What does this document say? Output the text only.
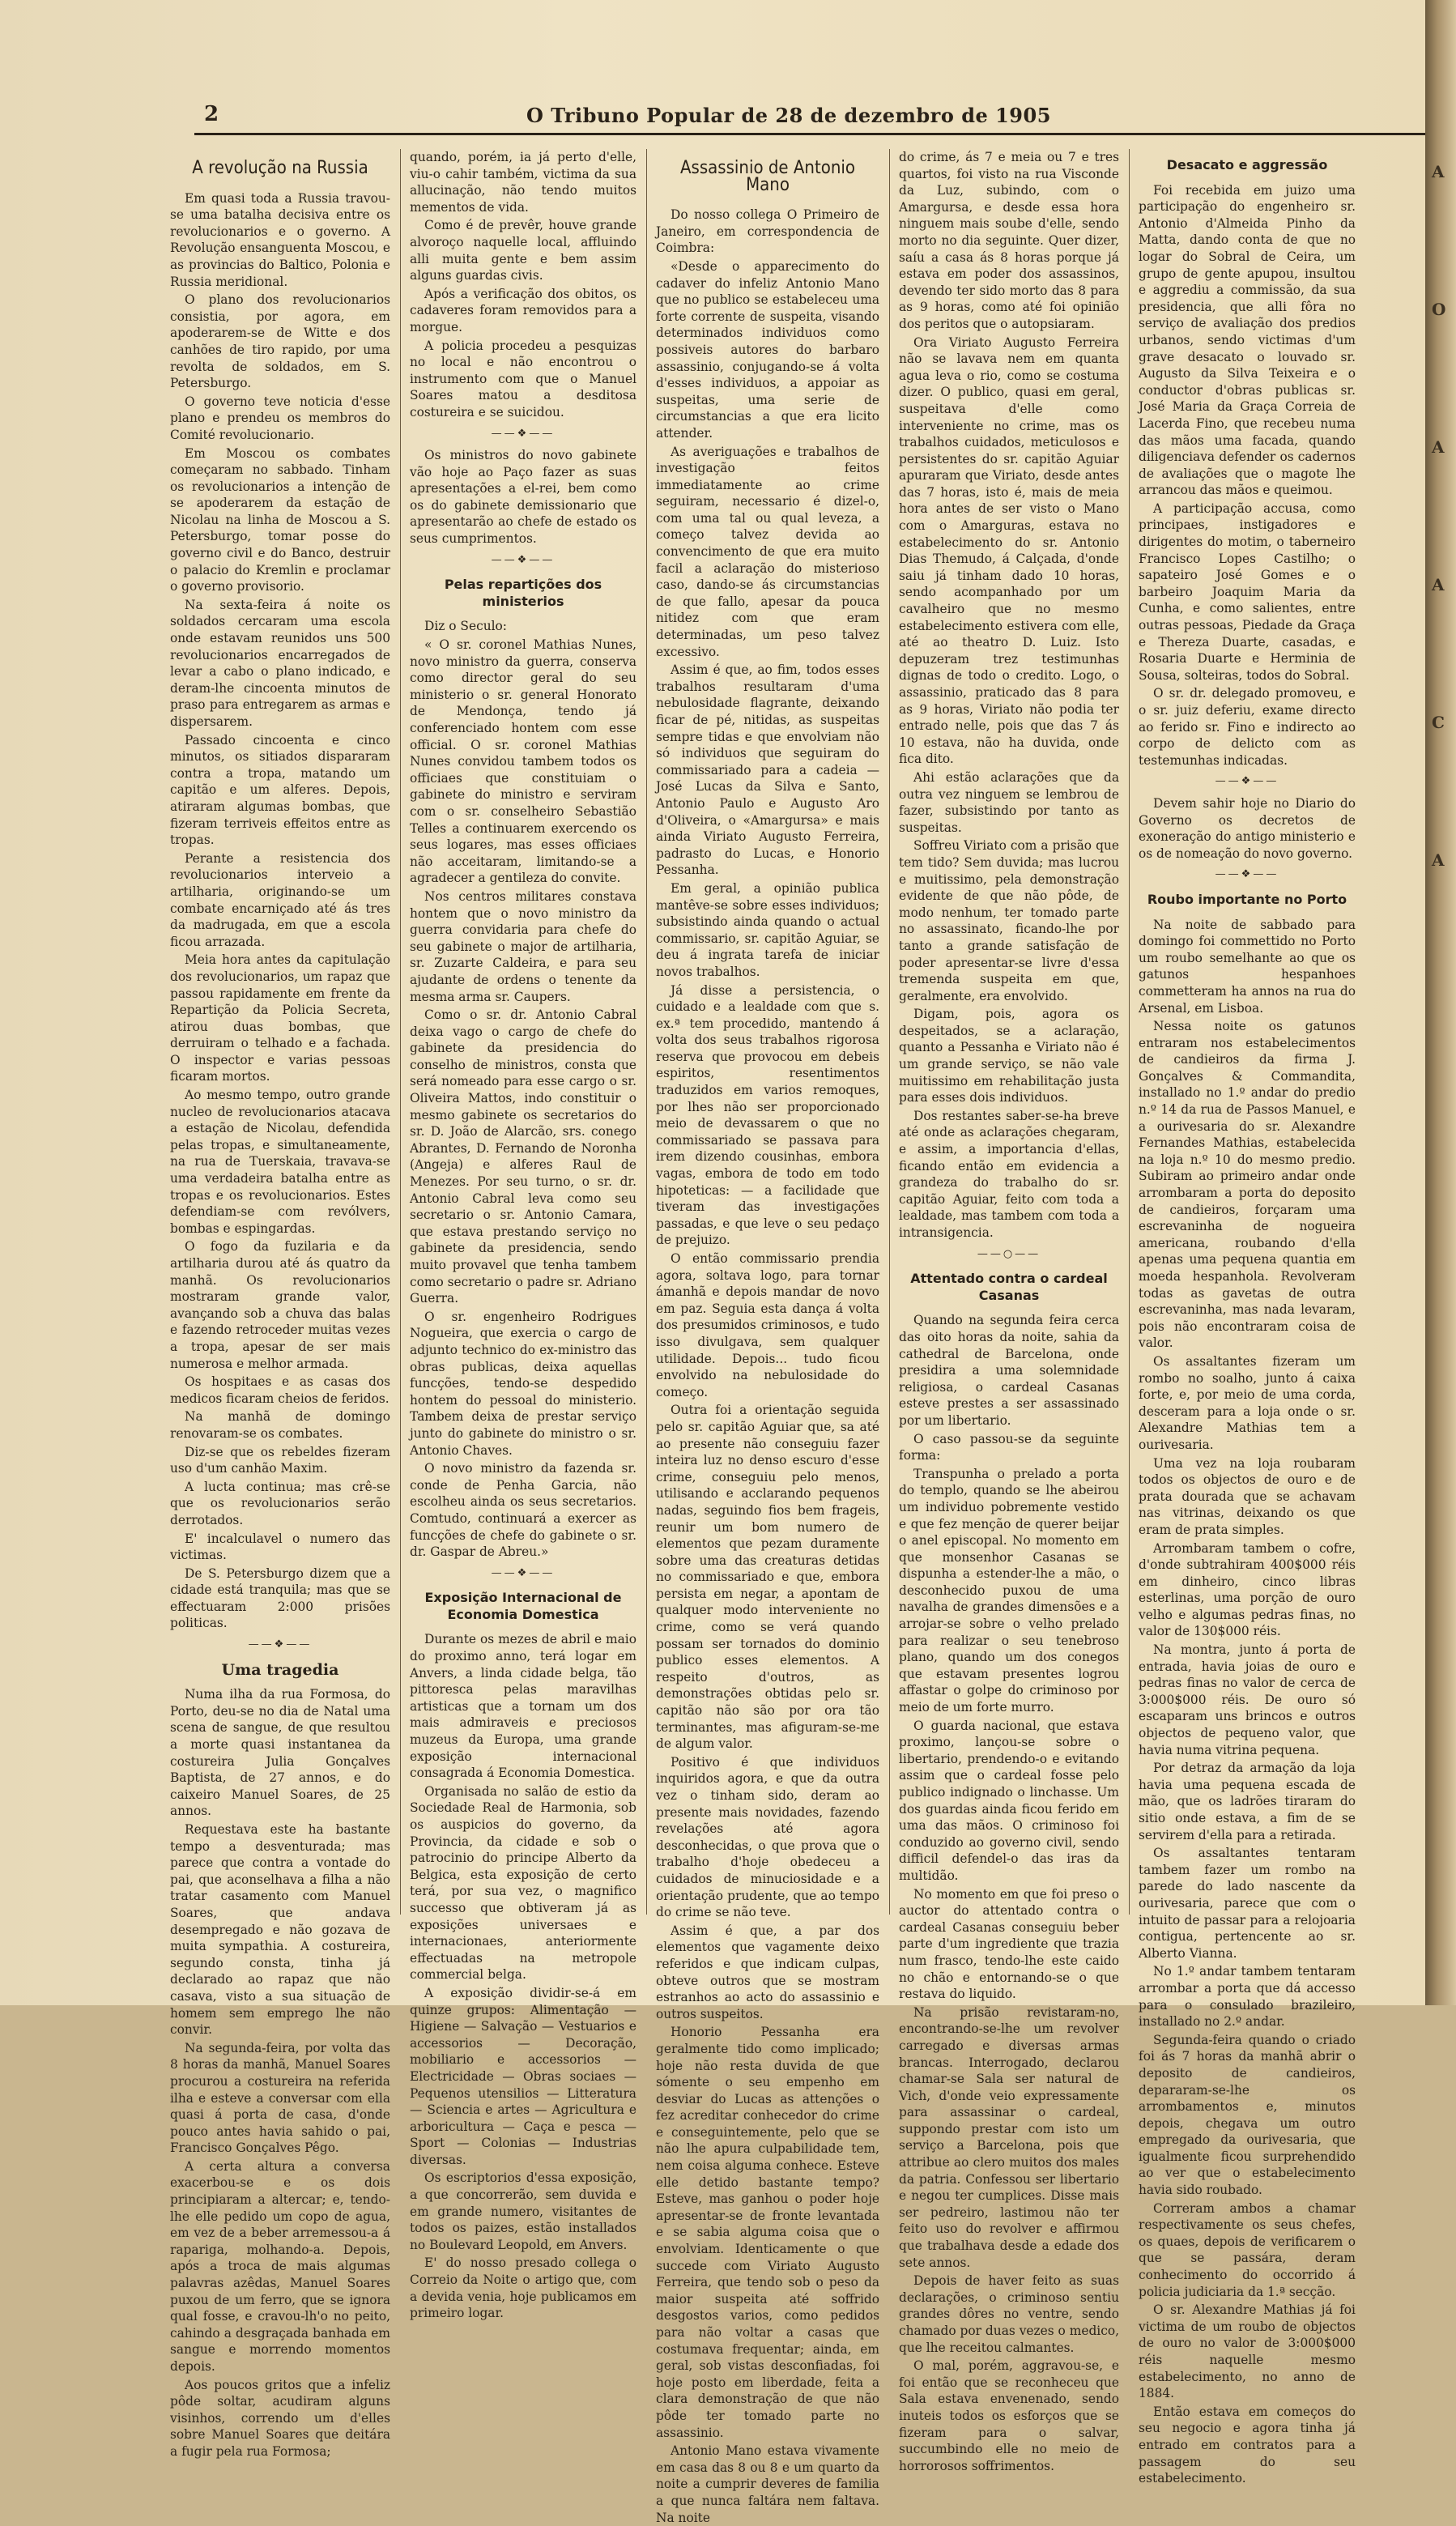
2	O Tribuno Popular de 28 de dezembro de 1905
A revolução na Russia

Em quasi toda a Russia travou-se uma batalha decisiva entre os revolucionarios e o governo. A Revolução ensanguenta Moscou, e as provincias do Baltico, Polonia e Russia meridional.

O plano dos revolucionarios consistia, por agora, em apoderarem-se de Witte e dos canhões de tiro rapido, por uma revolta de soldados, em S. Petersburgo.

O governo teve noticia d'esse plano e prendeu os membros do Comité revolucionario.

Em Moscou os combates começaram no sabbado. Tinham os revolucionarios a intenção de se apoderarem da estação de Nicolau na linha de Moscou a S. Petersburgo, tomar posse do governo civil e do Banco, destruir o palacio do Kremlin e proclamar o governo provisorio.

Na sexta-feira á noite os soldados cercaram uma escola onde estavam reunidos uns 500 revolucionarios encarregados de levar a cabo o plano indicado, e deram-lhe cincoenta minutos de praso para entregarem as armas e dispersarem.

Passado cincoenta e cinco minutos, os sitiados dispararam contra a tropa, matando um capitão e um alferes. Depois, atiraram algumas bombas, que fizeram terriveis effeitos entre as tropas.

Perante a resistencia dos revolucionarios interveio a artilharia, originando-se um combate encarniçado até ás tres da madrugada, em que a escola ficou arrazada.

Meia hora antes da capitulação dos revolucionarios, um rapaz que passou rapidamente em frente da Repartição da Policia Secreta, atirou duas bombas, que derruiram o telhado e a fachada. O inspector e varias pessoas ficaram mortos.

Ao mesmo tempo, outro grande nucleo de revolucionarios atacava a estação de Nicolau, defendida pelas tropas, e simultaneamente, na rua de Tuerskaia, travava-se uma verdadeira batalha entre as tropas e os revolucionarios. Estes defendiam-se com revólvers, bombas e espingardas.

O fogo da fuzilaria e da artilharia durou até ás quatro da manhã. Os revolucionarios mostraram grande valor, avançando sob a chuva das balas e fazendo retroceder muitas vezes a tropa, apesar de ser mais numerosa e melhor armada.

Os hospitaes e as casas dos medicos ficaram cheios de feridos.

Na manhã de domingo renovaram-se os combates.

Diz-se que os rebeldes fizeram uso d'um canhão Maxim.

A lucta continua; mas crê-se que os revolucionarios serão derrotados.

E' incalculavel o numero das victimas.

De S. Petersburgo dizem que a cidade está tranquila; mas que se effectuaram 2:000 prisões politicas.

——❖——
Uma tragedia

Numa ilha da rua Formosa, do Porto, deu-se no dia de Natal uma scena de sangue, de que resultou a morte quasi instantanea da costureira Julia Gonçalves Baptista, de 27 annos, e do caixeiro Manuel Soares, de 25 annos.

Requestava este ha bastante tempo a desventurada; mas parece que contra a vontade do pai, que aconselhava a filha a não tratar casamento com Manuel Soares, que andava desempregado e não gozava de muita sympathia. A costureira, segundo consta, tinha já declarado ao rapaz que não casava, visto a sua situação de homem sem emprego lhe não convir.

Na segunda-feira, por volta das 8 horas da manhã, Manuel Soares procurou a costureira na referida ilha e esteve a conversar com ella quasi á porta de casa, d'onde pouco antes havia sahido o pai, Francisco Gonçalves Pêgo.

A certa altura a conversa exacerbou-se e os dois principiaram a altercar; e, tendo-lhe elle pedido um copo de agua, em vez de a beber arremessou-a á rapariga, molhando-a. Depois, após a troca de mais algumas palavras azêdas, Manuel Soares puxou de um ferro, que se ignora qual fosse, e cravou-lh'o no peito, cahindo a desgraçada banhada em sangue e morrendo momentos depois.

Aos poucos gritos que a infeliz pôde soltar, acudiram alguns visinhos, correndo um d'elles sobre Manuel Soares que deitára a fugir pela rua Formosa;

quando, porém, ia já perto d'elle, viu-o cahir também, victima da sua allucinação, não tendo muitos mementos de vida.

Como é de prevêr, houve grande alvoroço naquelle local, affluindo alli muita gente e bem assim alguns guardas civis.

Após a verificação dos obitos, os cadaveres foram removidos para a morgue.

A policia procedeu a pesquizas no local e não encontrou o instrumento com que o Manuel Soares matou a desditosa costureira e se suicidou.

——❖——

Os ministros do novo gabinete vão hoje ao Paço fazer as suas apresentações a el-rei, bem como os do gabinete demissionario que apresentarão ao chefe de estado os seus cumprimentos.

——❖——
Pelas repartições dos ministerios

Diz o Seculo:

« O sr. coronel Mathias Nunes, novo ministro da guerra, conserva como director geral do seu ministerio o sr. general Honorato de Mendonça, tendo já conferenciado hontem com esse official. O sr. coronel Mathias Nunes convidou tambem todos os officiaes que constituiam o gabinete do ministro e serviram com o sr. conselheiro Sebastião Telles a continuarem exercendo os seus logares, mas esses officiaes não acceitaram, limitando-se a agradecer a gentileza do convite.

Nos centros militares constava hontem que o novo ministro da guerra convidaria para chefe do seu gabinete o major de artilharia, sr. Zuzarte Caldeira, e para seu ajudante de ordens o tenente da mesma arma sr. Caupers.

Como o sr. dr. Antonio Cabral deixa vago o cargo de chefe do gabinete da presidencia do conselho de ministros, consta que será nomeado para esse cargo o sr. Oliveira Mattos, indo constituir o mesmo gabinete os secretarios do sr. D. João de Alarcão, srs. conego Abrantes, D. Fernando de Noronha (Angeja) e alferes Raul de Menezes. Por seu turno, o sr. dr. Antonio Cabral leva como seu secretario o sr. Antonio Camara, que estava prestando serviço no gabinete da presidencia, sendo muito provavel que tenha tambem como secretario o padre sr. Adriano Guerra.

O sr. engenheiro Rodrigues Nogueira, que exercia o cargo de adjunto technico do ex-ministro das obras publicas, deixa aquellas funcções, tendo-se despedido hontem do pessoal do ministerio. Tambem deixa de prestar serviço junto do gabinete do ministro o sr. Antonio Chaves.

O novo ministro da fazenda sr. conde de Penha Garcia, não escolheu ainda os seus secretarios. Comtudo, continuará a exercer as funcções de chefe do gabinete o sr. dr. Gaspar de Abreu.»

——❖——
Exposição Internacional de Economia Domestica

Durante os mezes de abril e maio do proximo anno, terá logar em Anvers, a linda cidade belga, tão pittoresca pelas maravilhas artisticas que a tornam um dos mais admiraveis e preciosos muzeus da Europa, uma grande exposição internacional consagrada á Economia Domestica.

Organisada no salão de estio da Sociedade Real de Harmonia, sob os auspicios do governo, da Provincia, da cidade e sob o patrocinio do principe Alberto da Belgica, esta exposição de certo terá, por sua vez, o magnifico successo que obtiveram já as exposições universaes e internacionaes, anteriormente effectuadas na metropole commercial belga.

A exposição dividir-se-á em quinze grupos: Alimentação — Higiene — Salvação — Vestuarios e accessorios — Decoração, mobiliario e accessorios — Electricidade — Obras sociaes — Pequenos utensilios — Litteratura — Sciencia e artes — Agricultura e arboricultura — Caça e pesca — Sport — Colonias — Industrias diversas.

Os escriptorios d'essa exposição, a que concorrerão, sem duvida e em grande numero, visitantes de todos os paizes, estão installados no Boulevard Leopold, em Anvers.

E' do nosso presado collega o Correio da Noite o artigo que, com a devida venia, hoje publicamos em primeiro logar.

Assassinio de Antonio Mano

Do nosso collega O Primeiro de Janeiro, em correspondencia de Coimbra:

«Desde o apparecimento do cadaver do infeliz Antonio Mano que no publico se estabeleceu uma forte corrente de suspeita, visando determinados individuos como possiveis autores do barbaro assassinio, conjugando-se á volta d'esses individuos, a appoiar as suspeitas, uma serie de circumstancias a que era licito attender.

As averiguações e trabalhos de investigação feitos immediatamente ao crime seguiram, necessario é dizel-o, com uma tal ou qual leveza, a começo talvez devida ao convencimento de que era muito facil a aclaração do misterioso caso, dando-se ás circumstancias de que fallo, apesar da pouca nitidez com que eram determinadas, um peso talvez excessivo.

Assim é que, ao fim, todos esses trabalhos resultaram d'uma nebulosidade flagrante, deixando ficar de pé, nitidas, as suspeitas sempre tidas e que envolviam não só individuos que seguiram do commissariado para a cadeia — José Lucas da Silva e Santo, Antonio Paulo e Augusto Aro d'Oliveira, o «Amargursa» e mais ainda Viriato Augusto Ferreira, padrasto do Lucas, e Honorio Pessanha.

Em geral, a opinião publica mantêve-se sobre esses individuos; subsistindo ainda quando o actual commissario, sr. capitão Aguiar, se deu á ingrata tarefa de iniciar novos trabalhos.

Já disse a persistencia, o cuidado e a lealdade com que s. ex.ª tem procedido, mantendo á volta dos seus trabalhos rigorosa reserva que provocou em debeis espiritos, resentimentos traduzidos em varios remoques, por lhes não ser proporcionado meio de devassarem o que no commissariado se passava para irem dizendo cousinhas, embora vagas, embora de todo em todo hipoteticas: — a facilidade que tiveram das investigações passadas, e que leve o seu pedaço de prejuizo.

O então commissario prendia agora, soltava logo, para tornar ámanhã e depois mandar de novo em paz. Seguia esta dança á volta dos presumidos criminosos, e tudo isso divulgava, sem qualquer utilidade. Depois... tudo ficou envolvido na nebulosidade do começo.

Outra foi a orientação seguida pelo sr. capitão Aguiar que, sa até ao presente não conseguiu fazer inteira luz no denso escuro d'esse crime, conseguiu pelo menos, utilisando e acclarando pequenos nadas, seguindo fios bem frageis, reunir um bom numero de elementos que pezam duramente sobre uma das creaturas detidas no commissariado e que, embora persista em negar, a apontam de qualquer modo interveniente no crime, como se verá quando possam ser tornados do dominio publico esses elementos. A respeito d'outros, as demonstrações obtidas pelo sr. capitão não são por ora tão terminantes, mas afiguram-se-me de algum valor.

Positivo é que individuos inquiridos agora, e que da outra vez o tinham sido, deram ao presente mais novidades, fazendo revelações até agora desconhecidas, o que prova que o trabalho d'hoje obedeceu a cuidados de minuciosidade e a orientação prudente, que ao tempo do crime se não teve.

Assim é que, a par dos elementos que vagamente deixo referidos e que indicam culpas, obteve outros que se mostram estranhos ao acto do assassinio e outros suspeitos.

Honorio Pessanha era geralmente tido como implicado; hoje não resta duvida de que sómente o seu empenho em desviar do Lucas as attenções o fez acreditar conhecedor do crime e conseguintemente, pelo que se não lhe apura culpabilidade tem, nem coisa alguma conhece. Esteve elle detido bastante tempo? Esteve, mas ganhou o poder hoje apresentar-se de fronte levantada e se sabia alguma coisa que o envolviam. Identicamente o que succede com Viriato Augusto Ferreira, que tendo sob o peso da maior suspeita até soffrido desgostos varios, como pedidos para não voltar a casas que costumava frequentar; ainda, em geral, sob vistas desconfiadas, foi hoje posto em liberdade, feita a clara demonstração de que não pôde ter tomado parte no assassinio.

Antonio Mano estava vivamente em casa das 8 ou 8 e um quarto da noite a cumprir deveres de familia a que nunca faltára nem faltava. Na noite

do crime, ás 7 e meia ou 7 e tres quartos, foi visto na rua Visconde da Luz, subindo, com o Amargursa, e desde essa hora ninguem mais soube d'elle, sendo morto no dia seguinte. Quer dizer, saíu a casa ás 8 horas porque já estava em poder dos assassinos, devendo ter sido morto das 8 para as 9 horas, como até foi opinião dos peritos que o autopsiaram.

Ora Viriato Augusto Ferreira não se lavava nem em quanta agua leva o rio, como se costuma dizer. O publico, quasi em geral, suspeitava d'elle como interveniente no crime, mas os trabalhos cuidados, meticulosos e persistentes do sr. capitão Aguiar apuraram que Viriato, desde antes das 7 horas, isto é, mais de meia hora antes de ser visto o Mano com o Amarguras, estava no estabelecimento do sr. Antonio Dias Themudo, á Calçada, d'onde saiu já tinham dado 10 horas, sendo acompanhado por um cavalheiro que no mesmo estabelecimento estivera com elle, até ao theatro D. Luiz. Isto depuzeram trez testimunhas dignas de todo o credito. Logo, o assassinio, praticado das 8 para as 9 horas, Viriato não podia ter entrado nelle, pois que das 7 ás 10 estava, não ha duvida, onde fica dito.

Ahi estão aclarações que da outra vez ninguem se lembrou de fazer, subsistindo por tanto as suspeitas.

Soffreu Viriato com a prisão que tem tido? Sem duvida; mas lucrou e muitissimo, pela demonstração evidente de que não pôde, de modo nenhum, ter tomado parte no assassinato, ficando-lhe por tanto a grande satisfação de poder apresentar-se livre d'essa tremenda suspeita em que, geralmente, era envolvido.

Digam, pois, agora os despeitados, se a aclaração, quanto a Pessanha e Viriato não é um grande serviço, se não vale muitissimo em rehabilitação justa para esses dois individuos.

Dos restantes saber-se-ha breve até onde as aclarações chegaram, e assim, a importancia d'ellas, ficando então em evidencia a grandeza do trabalho do sr. capitão Aguiar, feito com toda a lealdade, mas tambem com toda a intransigencia.

——○——
Attentado contra o cardeal Casanas

Quando na segunda feira cerca das oito horas da noite, sahia da cathedral de Barcelona, onde presidira a uma solemnidade religiosa, o cardeal Casanas esteve prestes a ser assassinado por um libertario.

O caso passou-se da seguinte forma:

Transpunha o prelado a porta do templo, quando se lhe abeirou um individuo pobremente vestido e que fez menção de querer beijar o anel episcopal. No momento em que monsenhor Casanas se dispunha a estender-lhe a mão, o desconhecido puxou de uma navalha de grandes dimensões e a arrojar-se sobre o velho prelado para realizar o seu tenebroso plano, quando um dos conegos que estavam presentes logrou affastar o golpe do criminoso por meio de um forte murro.

O guarda nacional, que estava proximo, lançou-se sobre o libertario, prendendo-o e evitando assim que o cardeal fosse pelo publico indignado o linchasse. Um dos guardas ainda ficou ferido em uma das mãos. O criminoso foi conduzido ao governo civil, sendo difficil defendel-o das iras da multidão.

No momento em que foi preso o auctor do attentado contra o cardeal Casanas conseguiu beber parte d'um ingrediente que trazia num frasco, tendo-lhe este caido no chão e entornando-se o que restava do liquido.

Na prisão revistaram-no, encontrando-se-lhe um revolver carregado e diversas armas brancas. Interrogado, declarou chamar-se Sala ser natural de Vich, d'onde veio expressamente para assassinar o cardeal, suppondo prestar com isto um serviço a Barcelona, pois que attribue ao clero muitos dos males da patria. Confessou ser libertario e negou ter cumplices. Disse mais ser pedreiro, lastimou não ter feito uso do revolver e affirmou que trabalhava desde a edade dos sete annos.

Depois de haver feito as suas declarações, o criminoso sentiu grandes dôres no ventre, sendo chamado por duas vezes o medico, que lhe receitou calmantes.

O mal, porém, aggravou-se, e foi então que se reconheceu que Sala estava envenenado, sendo inuteis todos os esforços que se fizeram para o salvar, succumbindo elle no meio de horrorosos soffrimentos.

Desacato e aggressão

Foi recebida em juizo uma participação do engenheiro sr. Antonio d'Almeida Pinho da Matta, dando conta de que no logar do Sobral de Ceira, um grupo de gente apupou, insultou e aggrediu a commissão, da sua presidencia, que alli fôra no serviço de avaliação dos predios urbanos, sendo victimas d'um grave desacato o louvado sr. Augusto da Silva Teixeira e o conductor d'obras publicas sr. José Maria da Graça Correia de Lacerda Fino, que recebeu numa das mãos uma facada, quando diligenciava defender os cadernos de avaliações que o magote lhe arrancou das mãos e queimou.

A participação accusa, como principaes, instigadores e dirigentes do motim, o taberneiro Francisco Lopes Castilho; o sapateiro José Gomes e o barbeiro Joaquim Maria da Cunha, e como salientes, entre outras pessoas, Piedade da Graça e Thereza Duarte, casadas, e Rosaria Duarte e Herminia de Sousa, solteiras, todos do Sobral.

O sr. dr. delegado promoveu, e o sr. juiz deferiu, exame directo ao ferido sr. Fino e indirecto ao corpo de delicto com as testemunhas indicadas.

——❖——

Devem sahir hoje no Diario do Governo os decretos de exoneração do antigo ministerio e os de nomeação do novo governo.

——❖——
Roubo importante no Porto

Na noite de sabbado para domingo foi commettido no Porto um roubo semelhante ao que os gatunos hespanhoes commetteram ha annos na rua do Arsenal, em Lisboa.

Nessa noite os gatunos entraram nos estabelecimentos de candieiros da firma J. Gonçalves & Commandita, installado no 1.º andar do predio n.º 14 da rua de Passos Manuel, e a ourivesaria do sr. Alexandre Fernandes Mathias, estabelecida na loja n.º 10 do mesmo predio. Subiram ao primeiro andar onde arrombaram a porta do deposito de candieiros, forçaram uma escrevaninha de nogueira americana, roubando d'ella apenas uma pequena quantia em moeda hespanhola. Revolveram todas as gavetas de outra escrevaninha, mas nada levaram, pois não encontraram coisa de valor.

Os assaltantes fizeram um rombo no soalho, junto á caixa forte, e, por meio de uma corda, desceram para a loja onde o sr. Alexandre Mathias tem a ourivesaria.

Uma vez na loja roubaram todos os objectos de ouro e de prata dourada que se achavam nas vitrinas, deixando os que eram de prata simples.

Arrombaram tambem o cofre, d'onde subtrahiram 400$000 réis em dinheiro, cinco libras esterlinas, uma porção de ouro velho e algumas pedras finas, no valor de 130$000 réis.

Na montra, junto á porta de entrada, havia joias de ouro e pedras finas no valor de cerca de 3:000$000 réis. De ouro só escaparam uns brincos e outros objectos de pequeno valor, que havia numa vitrina pequena.

Por detraz da armação da loja havia uma pequena escada de mão, que os ladrões tiraram do sitio onde estava, a fim de se servirem d'ella para a retirada.

Os assaltantes tentaram tambem fazer um rombo na parede do lado nascente da ourivesaria, parece que com o intuito de passar para a relojoaria contigua, pertencente ao sr. Alberto Vianna.

No 1.º andar tambem tentaram arrombar a porta que dá accesso para o consulado brazileiro, installado no 2.º andar.

Segunda-feira quando o criado foi ás 7 horas da manhã abrir o deposito de candieiros, depararam-se-lhe os arrombamentos e, minutos depois, chegava um outro empregado da ourivesaria, que igualmente ficou surprehendido ao ver que o estabelecimento havia sido roubado.

Correram ambos a chamar respectivamente os seus chefes, os quaes, depois de verificarem o que se passára, deram conhecimento do occorrido á policia judiciaria da 1.ª secção.

O sr. Alexandre Mathias já foi victima de um roubo de objectos de ouro no valor de 3:000$000 réis naquelle mesmo estabelecimento, no anno de 1884.

Então estava em começos do seu negocio e agora tinha já entrado em contratos para a passagem do seu estabelecimento.

A
O
A
A
C
A
